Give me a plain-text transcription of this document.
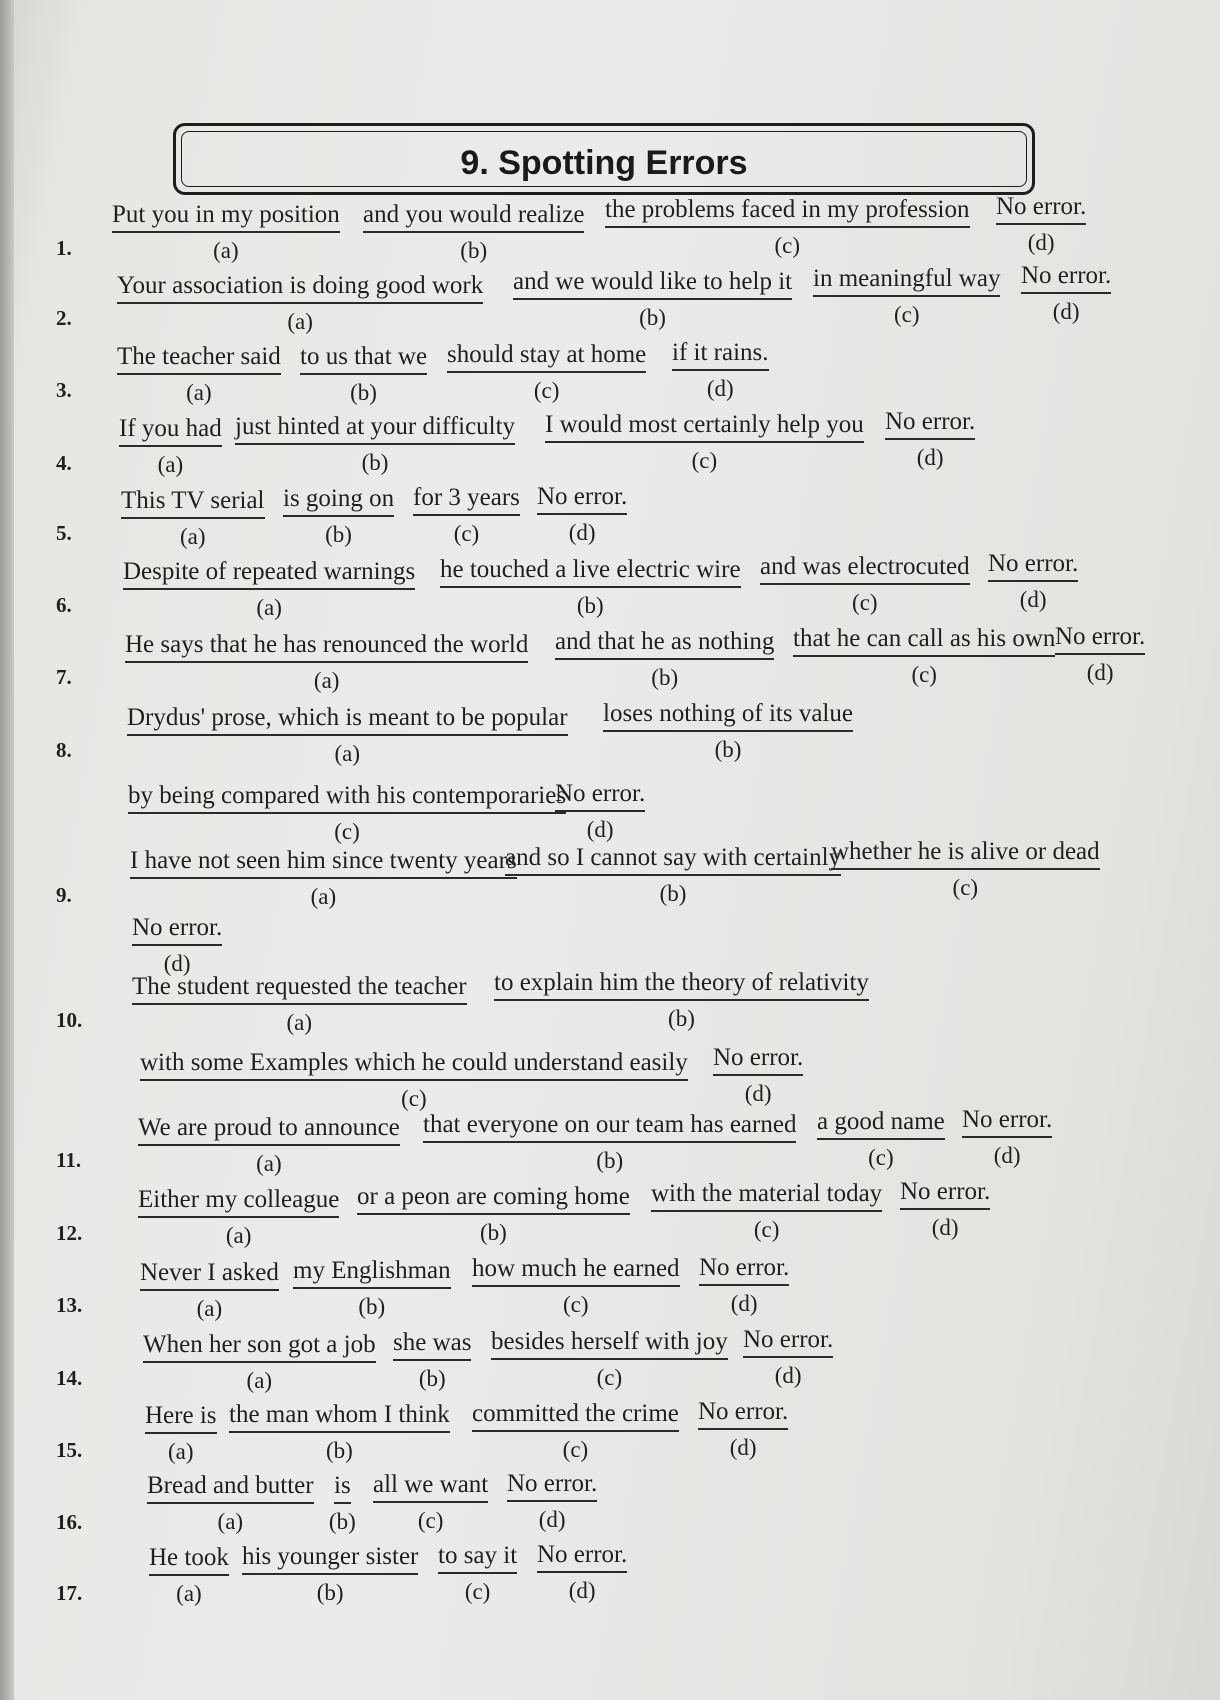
9. Spotting Errors
1.
Put you in my position
(a)
and you would realize
(b)
the problems faced in my profession
(c)
No error.
(d)
2.
Your association is doing good work
(a)
and we would like to help it
(b)
in meaningful way
(c)
No error.
(d)
3.
The teacher said
(a)
to us that we
(b)
should stay at home
(c)
if it rains.
(d)
4.
If you had
(a)
just hinted at your difficulty
(b)
I would most certainly help you
(c)
No error.
(d)
5.
This TV serial
(a)
is going on
(b)
for 3 years
(c)
No error.
(d)
6.
Despite of repeated warnings
(a)
he touched a live electric wire
(b)
and was electrocuted
(c)
No error.
(d)
7.
He says that he has renounced the world
(a)
and that he as nothing
(b)
that he can call as his own
(c)
No error.
(d)
8.
Drydus' prose, which is meant to be popular
(a)
loses nothing of its value
(b)
by being compared with his contemporaries
(c)
No error.
(d)
9.
I have not seen him since twenty years
(a)
and so I cannot say with certainly
(b)
whether he is alive or dead
(c)
No error.
(d)
10.
The student requested the teacher
(a)
to explain him the theory of relativity
(b)
with some Examples which he could understand easily
(c)
No error.
(d)
11.
We are proud to announce
(a)
that everyone on our team has earned
(b)
a good name
(c)
No error.
(d)
12.
Either my colleague
(a)
or a peon are coming home
(b)
with the material today
(c)
No error.
(d)
13.
Never I asked
(a)
my Englishman
(b)
how much he earned
(c)
No error.
(d)
14.
When her son got a job
(a)
she was
(b)
besides herself with joy
(c)
No error.
(d)
15.
Here is
(a)
the man whom I think
(b)
committed the crime
(c)
No error.
(d)
16.
Bread and butter
(a)
is
(b)
all we want
(c)
No error.
(d)
17.
He took
(a)
his younger sister
(b)
to say it
(c)
No error.
(d)
